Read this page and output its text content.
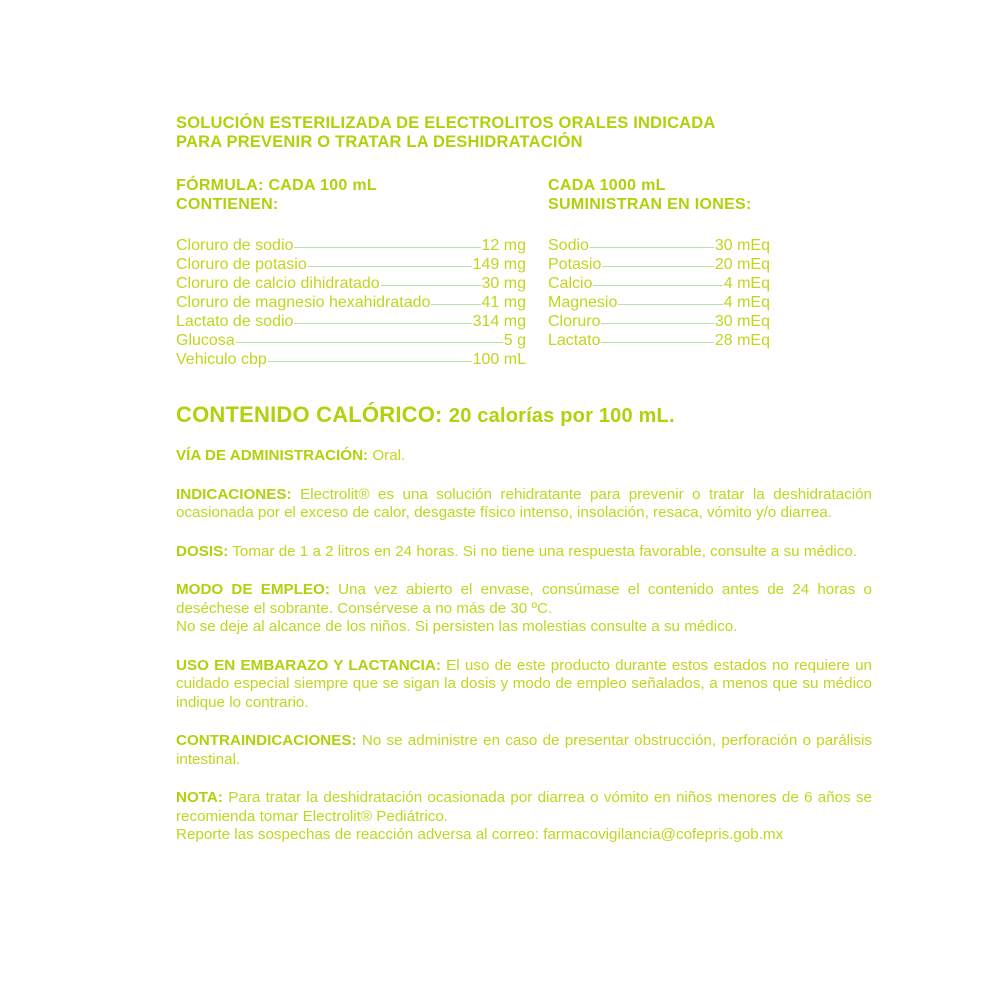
SOLUCIÓN ESTERILIZADA DE ELECTROLITOS ORALES INDICADA
PARA PREVENIR O TRATAR LA DESHIDRATACIÓN
FÓRMULA: CADA 100 mL
CONTIENEN:
CADA 1000 mL
SUMINISTRAN EN IONES:
Cloruro de sodio	12 mg
Cloruro de potasio	149 mg
Cloruro de calcio dihidratado	30 mg
Cloruro de magnesio hexahidratado	41 mg
Lactato de sodio	314 mg
Glucosa	5 g
Vehiculo cbp	100 mL
Sodio	30 mEq
Potasio	20 mEq
Calcio	4 mEq
Magnesio	4 mEq
Cloruro	30 mEq
Lactato	28 mEq
CONTENIDO CALÓRICO: 20 calorías por 100 mL.

VÍA DE ADMINISTRACIÓN: Oral.

INDICACIONES: Electrolit® es una solución rehidratante para prevenir o tratar la deshidratación ocasionada por el exceso de calor, desgaste físico intenso, insolación, resaca, vómito y/o diarrea.

DOSIS: Tomar de 1 a 2 litros en 24 horas. Si no tiene una respuesta favorable, consulte a su médico.

MODO DE EMPLEO: Una vez abierto el envase, consúmase el contenido antes de 24 horas o deséchese el sobrante. Consérvese a no más de 30 ºC.

No se deje al alcance de los niños. Si persisten las molestias consulte a su médico.

USO EN EMBARAZO Y LACTANCIA: El uso de este producto durante estos estados no requiere un cuidado especial siempre que se sigan la dosis y modo de empleo señalados, a menos que su médico indique lo contrario.

CONTRAINDICACIONES: No se administre en caso de presentar obstrucción, perforación o parálisis intestinal.

NOTA: Para tratar la deshidratación ocasionada por diarrea o vómito en niños menores de 6 años se recomienda tomar Electrolit® Pediátrico.

Reporte las sospechas de reacción adversa al correo: farmacovigilancia@cofepris.gob.mx
